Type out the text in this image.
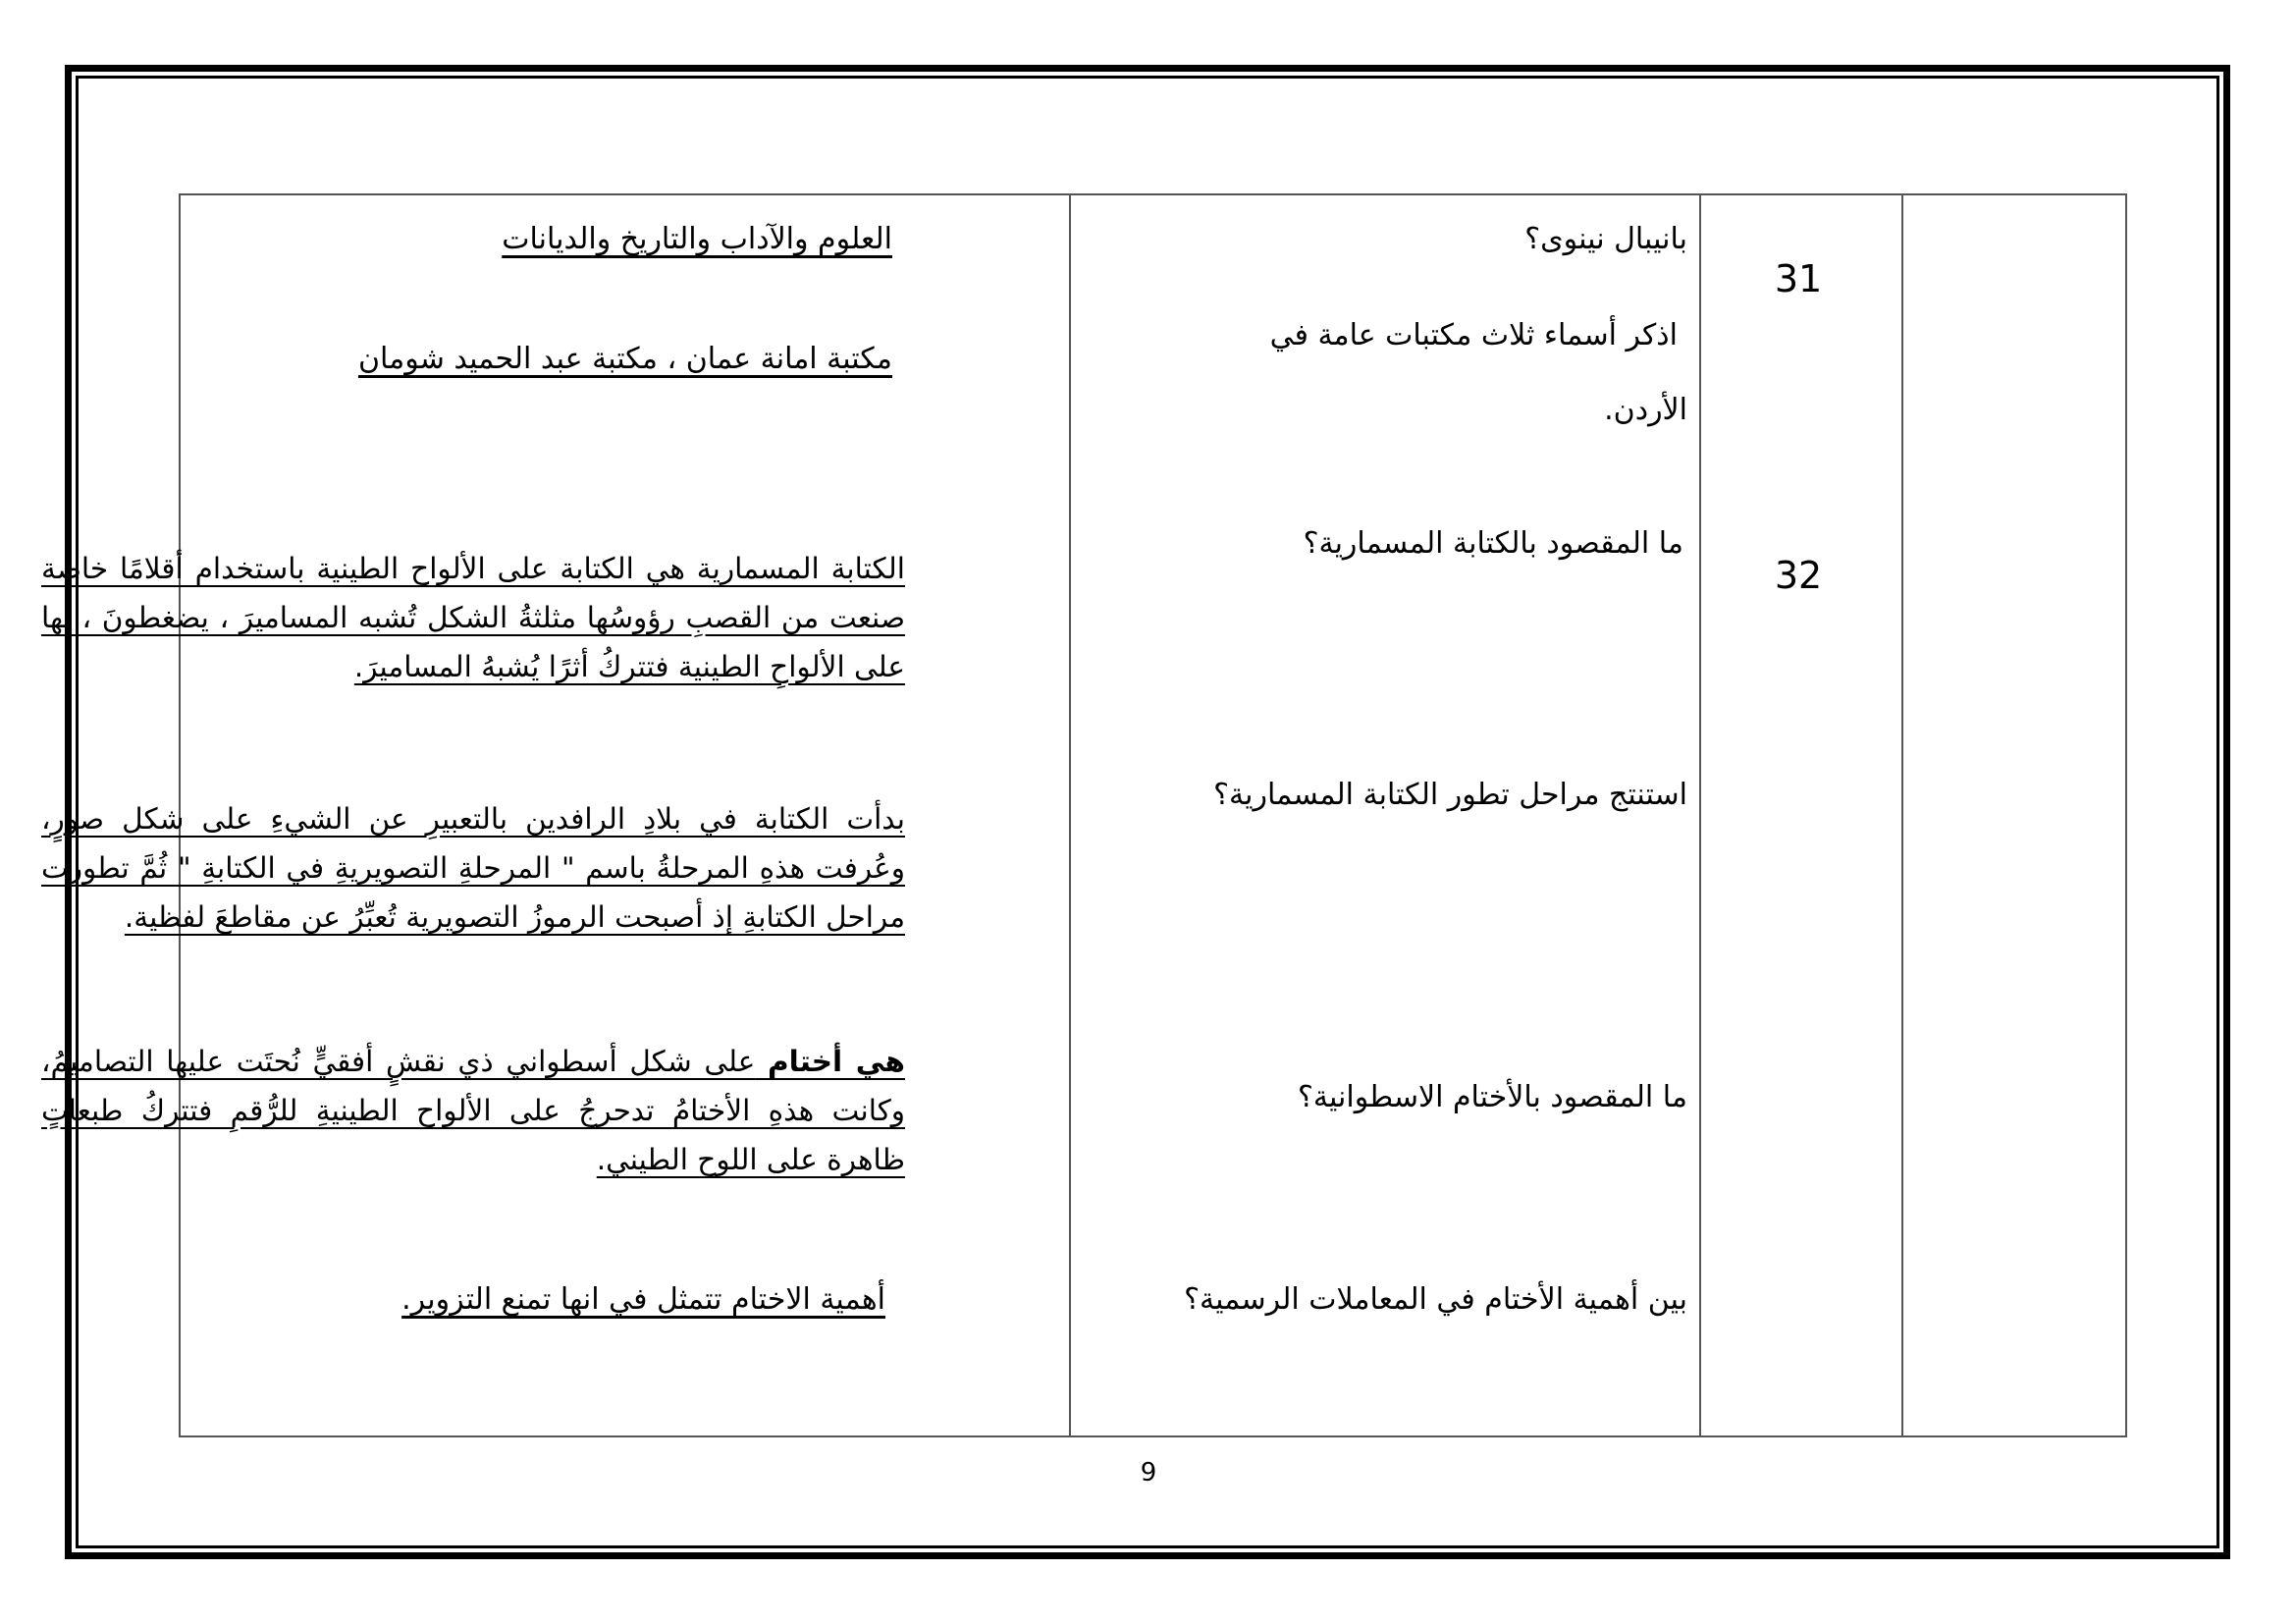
بانيبال نينوى؟
اذكر أسماء ثلاث مكتبات عامة في
الأردن.
31
العلوم والآداب والتاريخ والديانات
مكتبة امانة عمان ، مكتبة عبد الحميد شومان
32
ما المقصود بالكتابة المسمارية؟
استنتج مراحل تطور الكتابة المسمارية؟
ما المقصود بالأختام الاسطوانية؟
بين أهمية الأختام في المعاملات الرسمية؟
الكتابة المسمارية هي الكتابة على الألواح الطينية باستخدام أقلامًا خاصة صنعت من القصبِ رؤوسُها مثلثةُ الشكل تُشبه المساميرَ ، يضغطونَ ، بها على الألواحِ الطينية فتتركُ أثرًا يُشبهُ المساميرَ.
بدأت الكتابة في بلادِ الرافدين بالتعبيرِ عن الشيءِ على شكل صورٍ، وعُرفت هذهِ المرحلةُ باسم " المرحلةِ التصويريةِ في الكتابةِ " ثُمَّ تطورت مراحل الكتابةِ إذ أصبحت الرموزُ التصويرية تُعبِّرُ عن مقاطعَ لفظية.
هي أختام على شكل أسطواني ذي نقشٍ أفقيٍّ نُحتَت عليها التصاميمُ، وكانت هذهِ الأختامُ تدحرجُ على الألواح الطينيةِ للرُّقمِ فتتركُ طبعاتٍ ظاهرة على اللوح الطيني.
أهمية الاختام تتمثل في انها تمنع التزوير.
9
